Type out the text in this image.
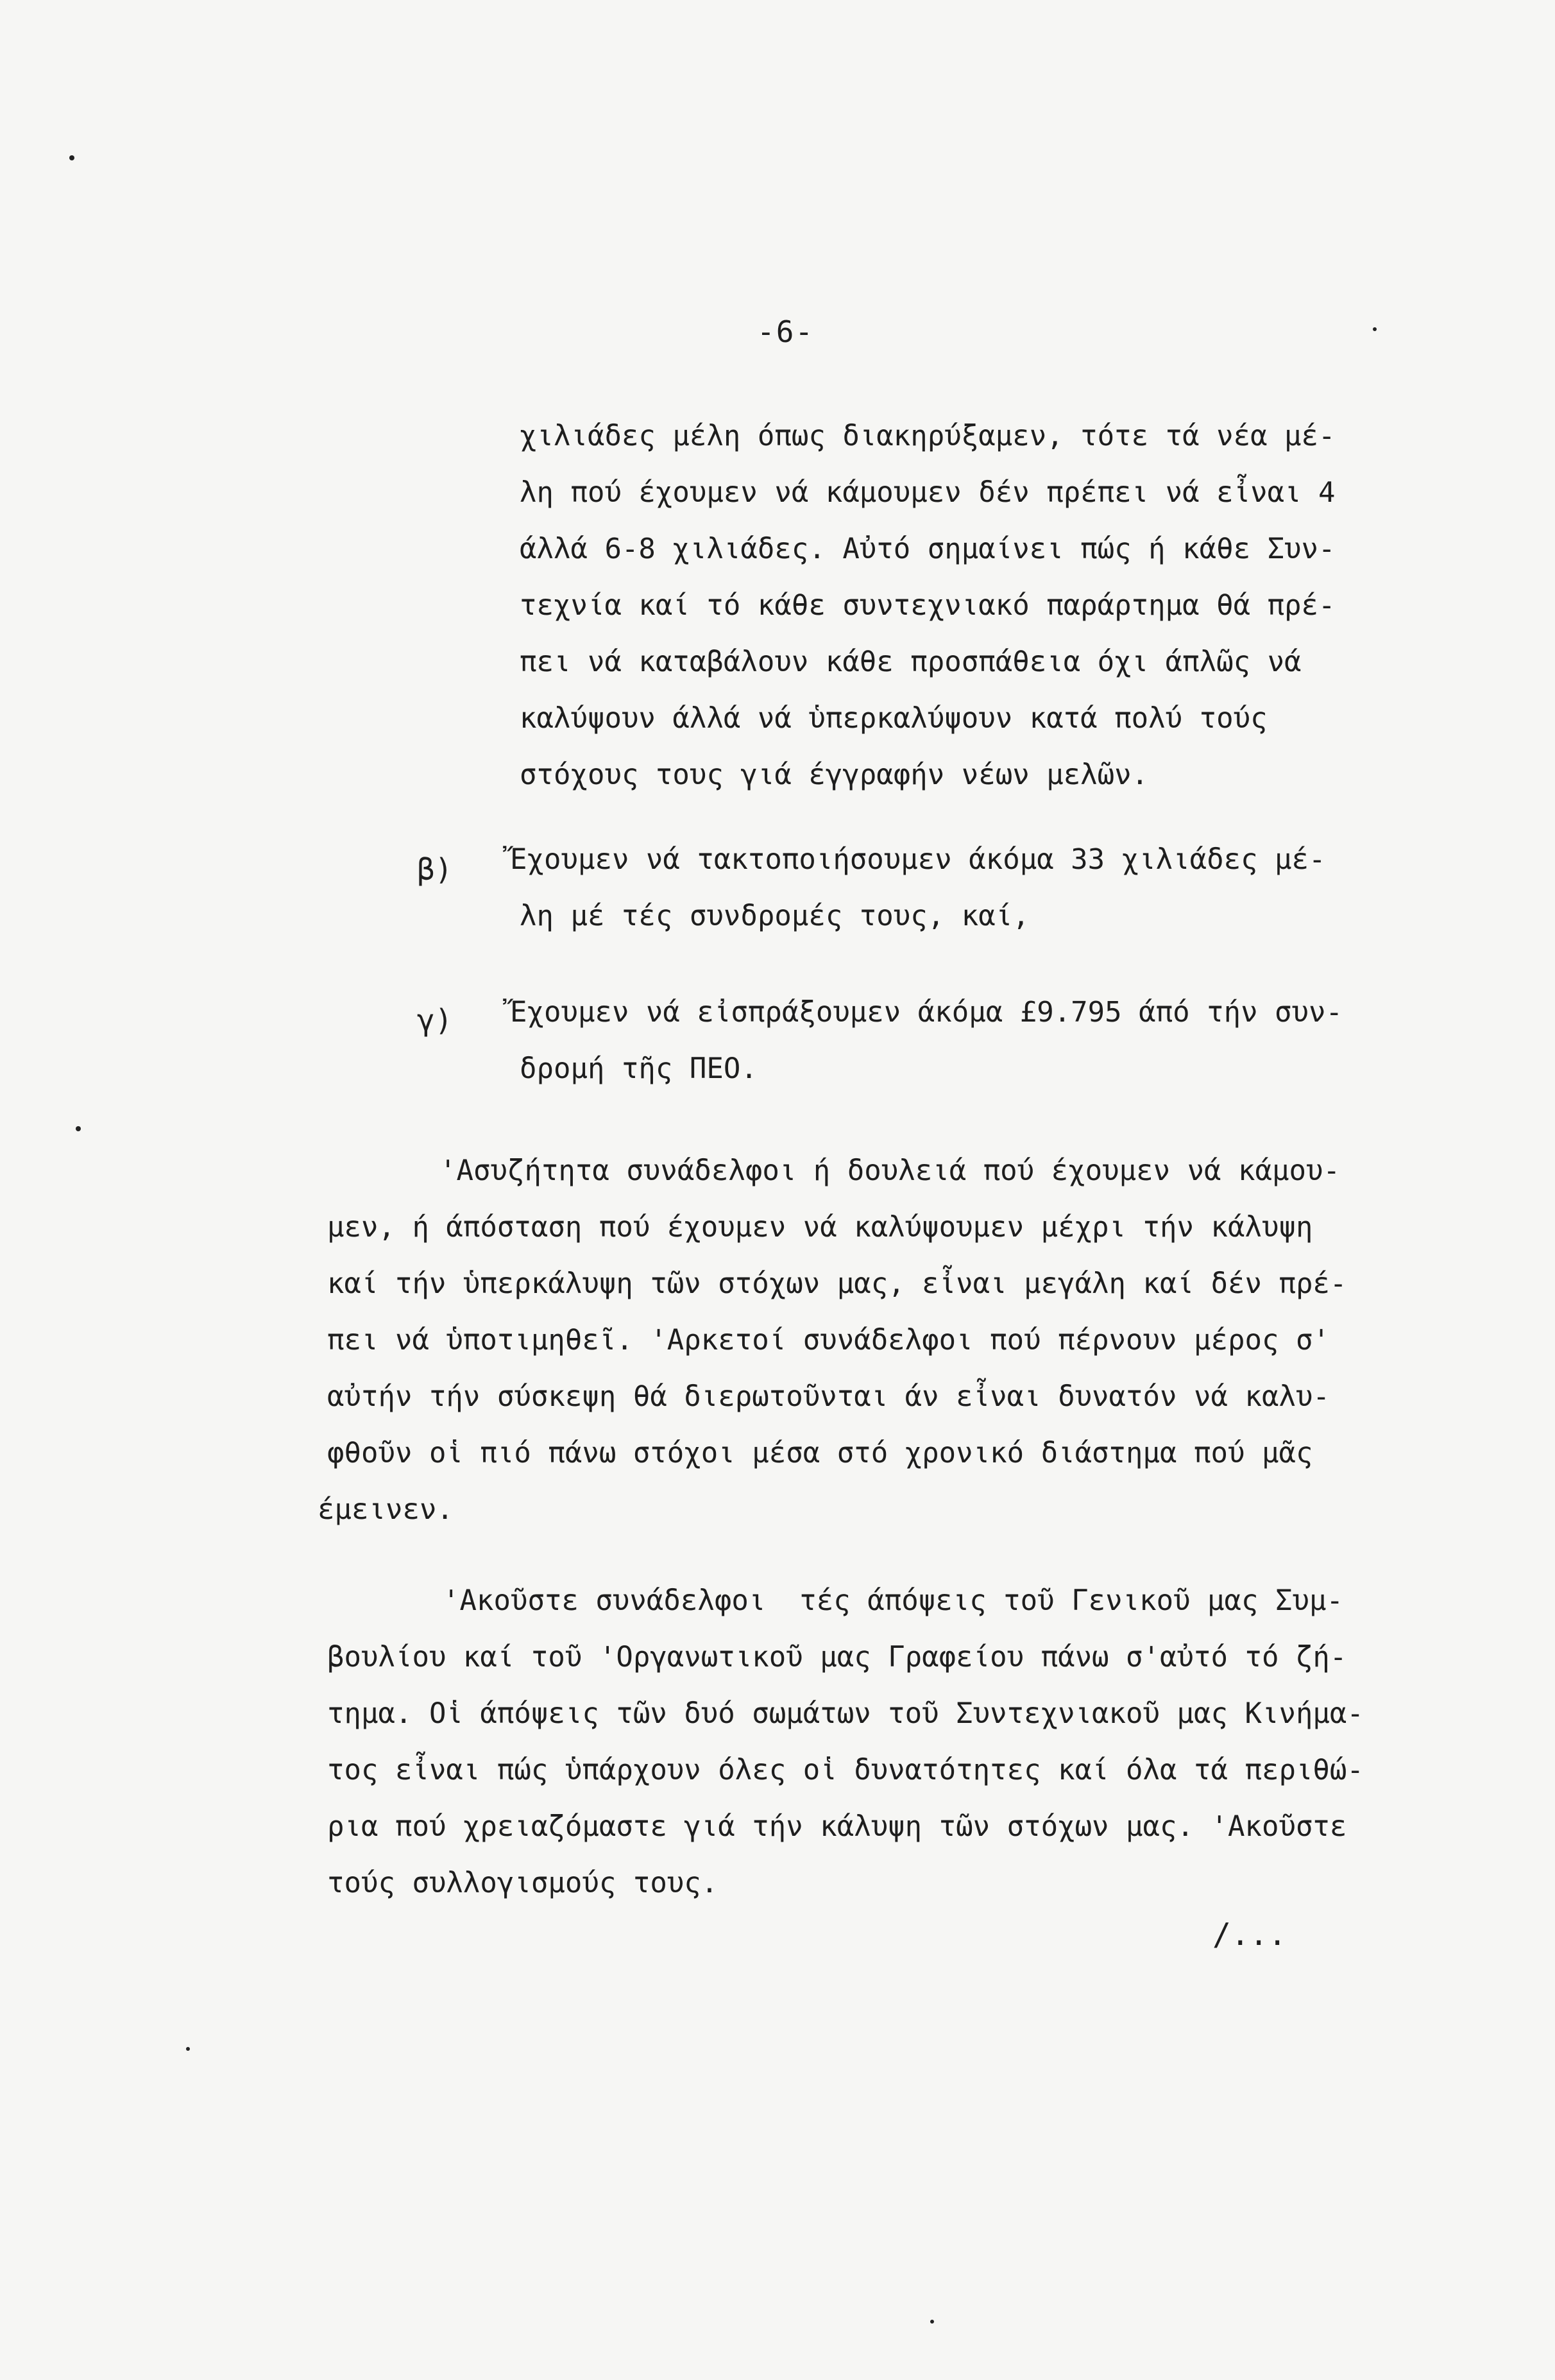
-6-
χιλιάδες μέλη όπως διακηρύξαμεν, τότε τά νέα μέ-
λη πού έχουμεν νά κάμουμεν δέν πρέπει νά εἶναι 4
άλλά 6-8 χιλιάδες. Αὐτό σημαίνει πώς ή κάθε Συν-
τεχνία καί τό κάθε συντεχνιακό παράρτημα θά πρέ-
πει νά καταβάλουν κάθε προσπάθεια όχι άπλῶς νά
καλύψουν άλλά νά ὑπερκαλύψουν κατά πολύ τούς
στόχους τους γιά έγγραφήν νέων μελῶν.
β) Ἔχουμεν νά τακτοποιήσουμεν άκόμα 33 χιλιάδες μέ-
λη μέ τές συνδρομές τους, καί,
γ) Ἔχουμεν νά εἰσπράξουμεν άκόμα £9.795 άπό τήν συν-
δρομή τῆς ΠΕΟ.
'Ασυζήτητα συνάδελφοι ή δουλειά πού έχουμεν νά κάμου-
μεν, ή άπόσταση πού έχουμεν νά καλύψουμεν μέχρι τήν κάλυψη
καί τήν ὑπερκάλυψη τῶν στόχων μας, εἶναι μεγάλη καί δέν πρέ-
πει νά ὑποτιμηθεῖ. 'Αρκετοί συνάδελφοι πού πέρνουν μέρος σ'
αὐτήν τήν σύσκεψη θά διερωτοῦνται άν εἶναι δυνατόν νά καλυ-
φθοῦν οἱ πιό πάνω στόχοι μέσα στό χρονικό διάστημα πού μᾶς
έμεινεν.
'Ακοῦστε συνάδελφοι  τές άπόψεις τοῦ Γενικοῦ μας Συμ-
βουλίου καί τοῦ 'Οργανωτικοῦ μας Γραφείου πάνω σ'αὐτό τό ζή-
τημα. Οἱ άπόψεις τῶν δυό σωμάτων τοῦ Συντεχνιακοῦ μας Κινήμα-
τος εἶναι πώς ὑπάρχουν όλες οἱ δυνατότητες καί όλα τά περιθώ-
ρια πού χρειαζόμαστε γιά τήν κάλυψη τῶν στόχων μας. 'Ακοῦστε
τούς συλλογισμούς τους.
/...
